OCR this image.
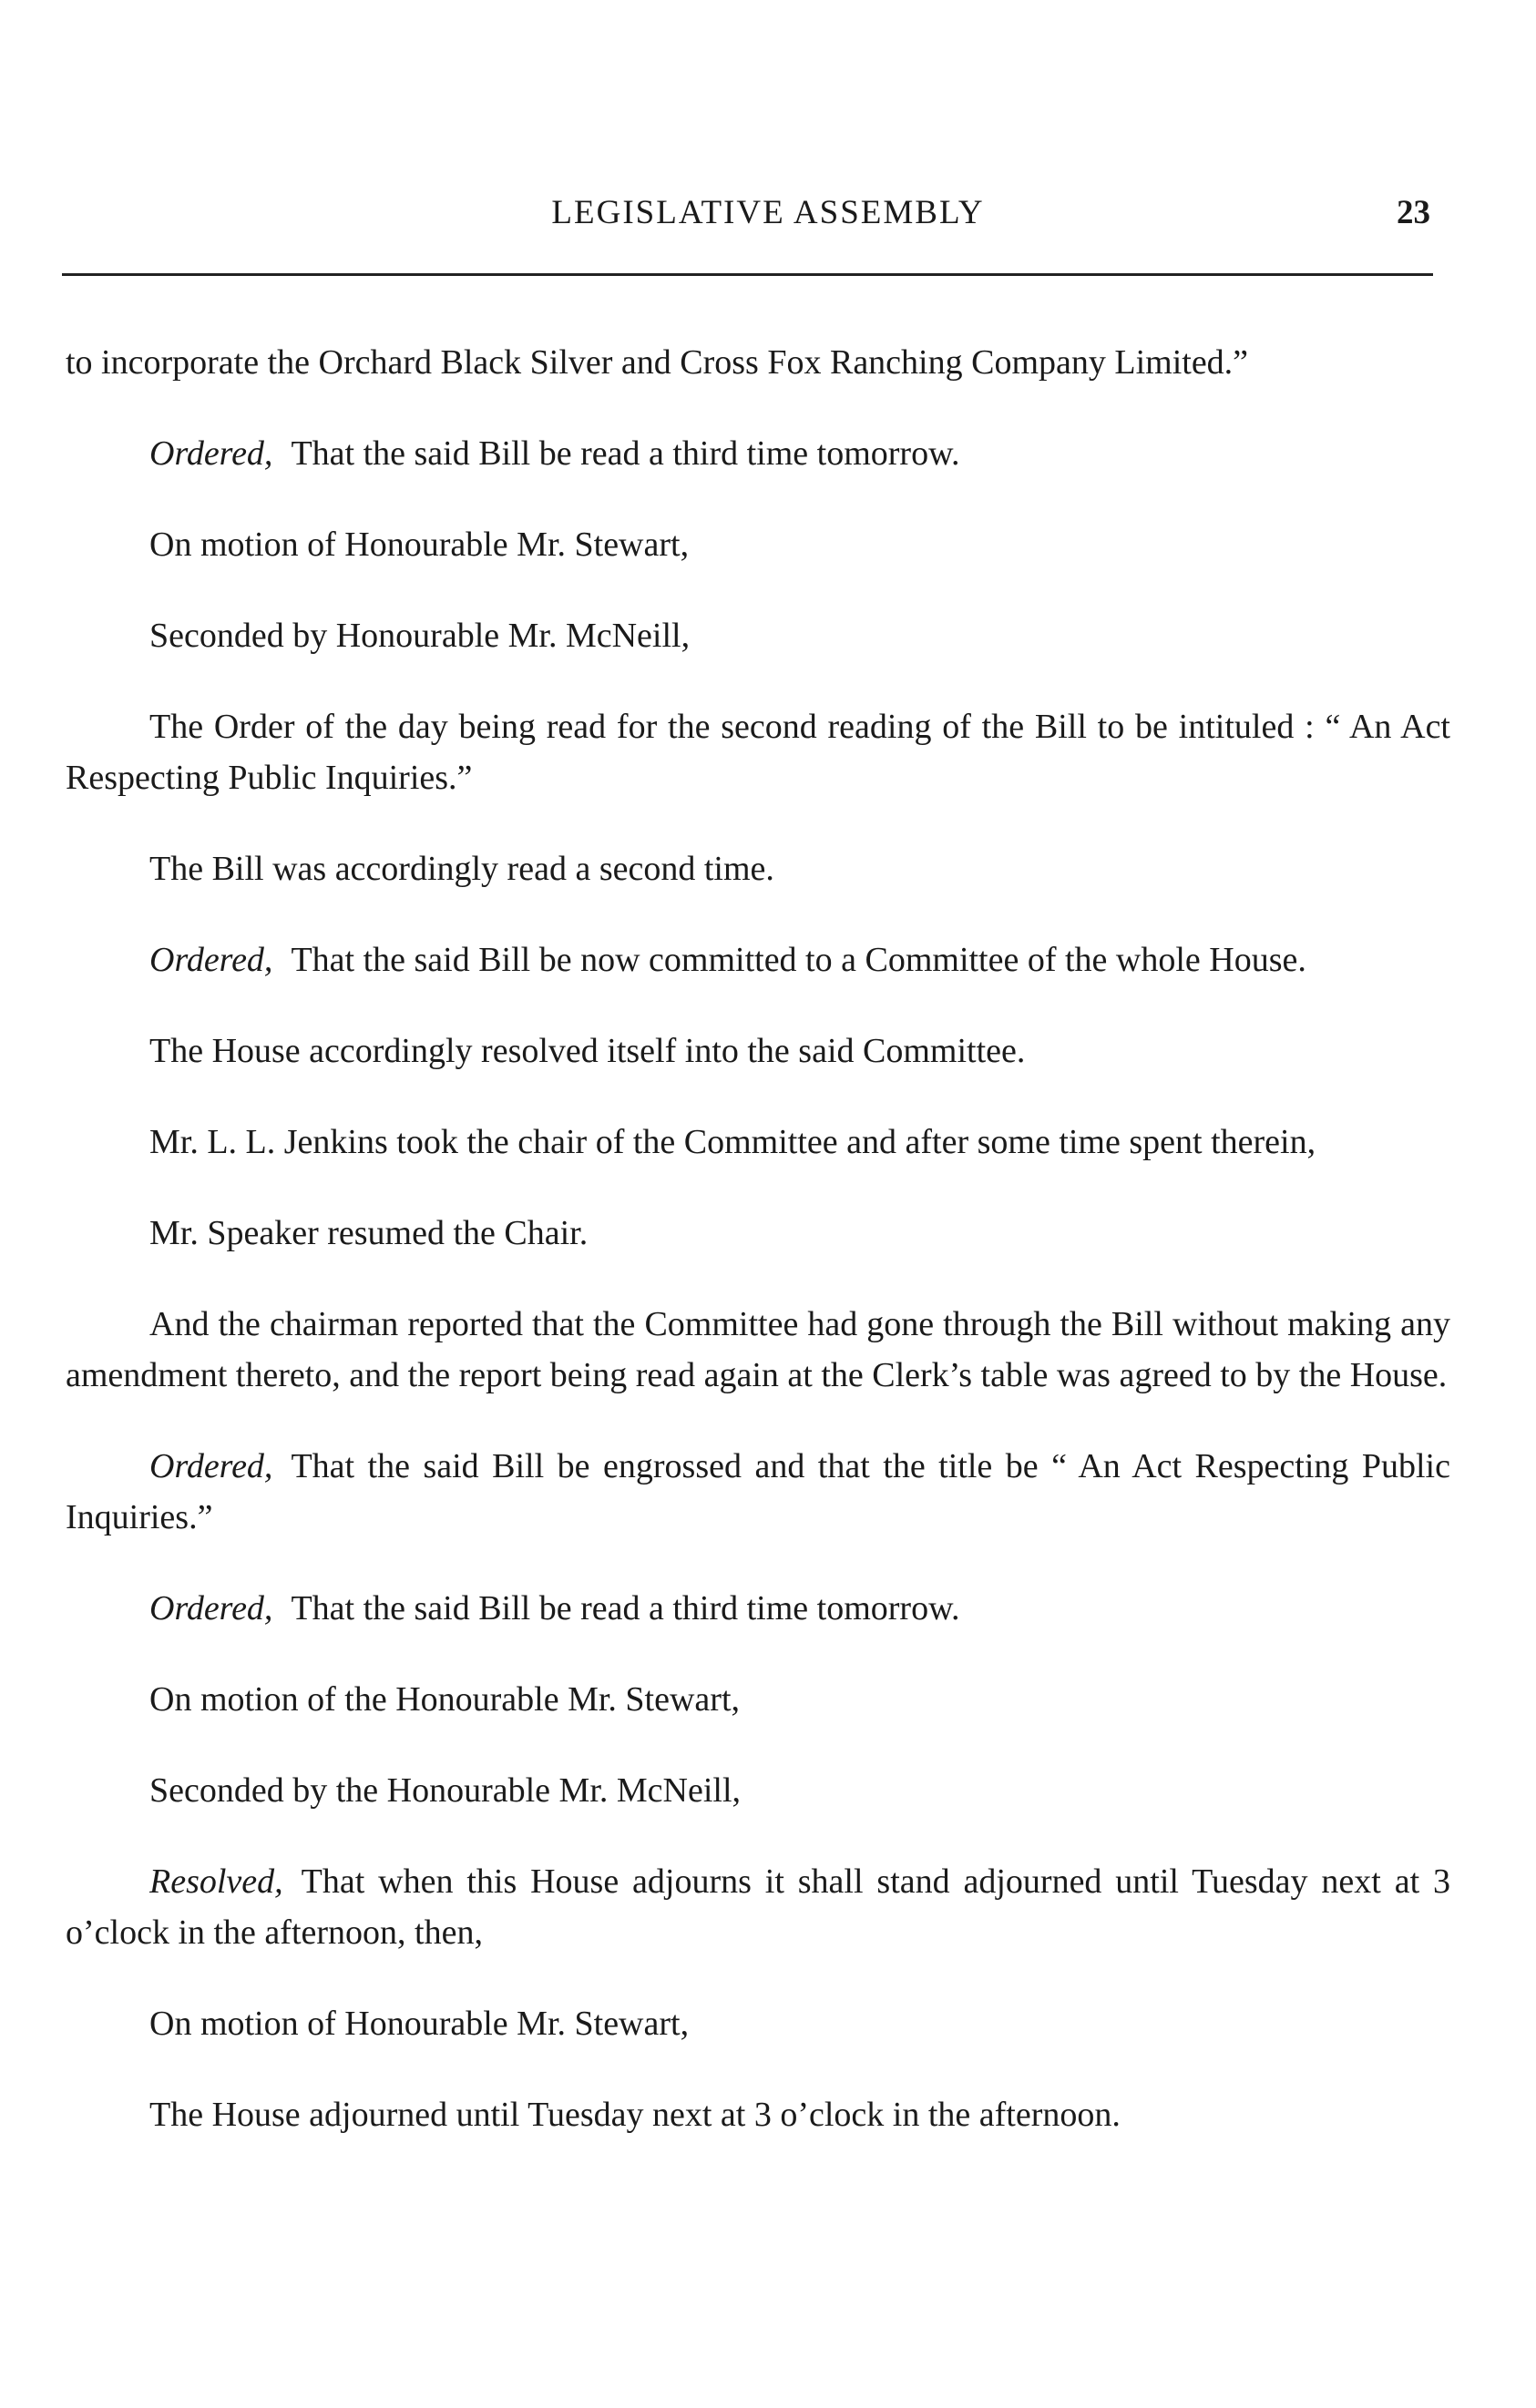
LEGISLATIVE ASSEMBLY	23

to incorporate the Orchard Black Silver and Cross Fox Ranching Company Limited.”

Ordered, That the said Bill be read a third time tomorrow.

On motion of Honourable Mr. Stewart,

Seconded by Honourable Mr. McNeill,

The Order of the day being read for the second reading of the Bill to be intituled : “ An Act Respecting Public Inquiries.”

The Bill was accordingly read a second time.

Ordered, That the said Bill be now committed to a Committee of the whole House.

The House accordingly resolved itself into the said Committee.

Mr. L. L. Jenkins took the chair of the Committee and after some time spent therein,

Mr. Speaker resumed the Chair.

And the chairman reported that the Committee had gone through the Bill without making any amendment thereto, and the report being read again at the Clerk’s table was agreed to by the House.

Ordered, That the said Bill be engrossed and that the title be “ An Act Respecting Public Inquiries.”

Ordered, That the said Bill be read a third time tomorrow.

On motion of the Honourable Mr. Stewart,

Seconded by the Honourable Mr. McNeill,

Resolved, That when this House adjourns it shall stand adjourned until Tuesday next at 3 o’clock in the afternoon, then,

On motion of Honourable Mr. Stewart,

The House adjourned until Tuesday next at 3 o’clock in the afternoon.
